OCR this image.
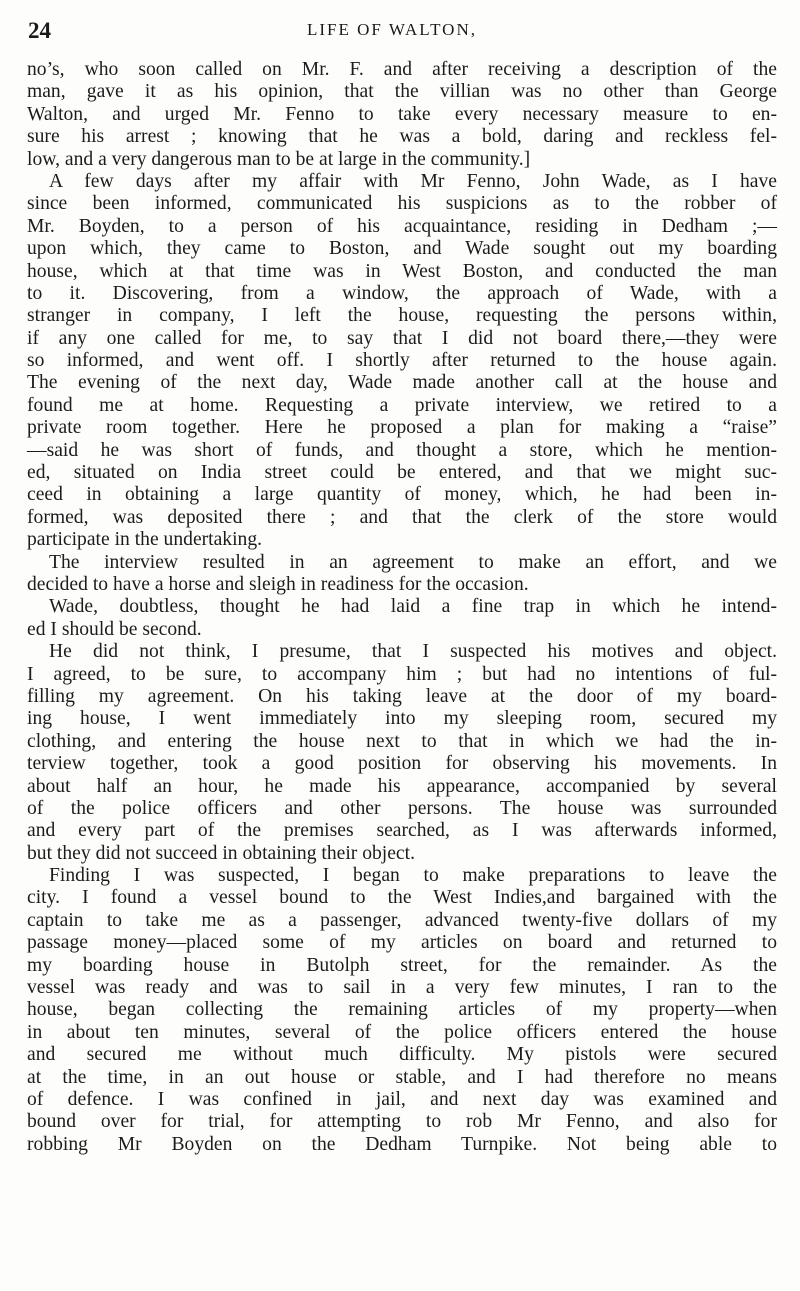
24	LIFE OF WALTON,
no’s, who soon called on Mr. F. and after receiving a description of the
man, gave it as his opinion, that the villian was no other than George
Walton, and urged Mr. Fenno to take every necessary measure to en-
sure his arrest ; knowing that he was a bold, daring and reckless fel-
low, and a very dangerous man to be at large in the community.]
A few days after my affair with Mr Fenno, John Wade, as I have
since been informed, communicated his suspicions as to the robber of
Mr. Boyden, to a person of his acquaintance, residing in Dedham ;—
upon which, they came to Boston, and Wade sought out my boarding
house, which at that time was in West Boston, and conducted the man
to it. Discovering, from a window, the approach of Wade, with a
stranger in company, I left the house, requesting the persons within,
if any one called for me, to say that I did not board there,—they were
so informed, and went off. I shortly after returned to the house again.
The evening of the next day, Wade made another call at the house and
found me at home. Requesting a private interview, we retired to a
private room together. Here he proposed a plan for making a “raise”
—said he was short of funds, and thought a store, which he mention-
ed, situated on India street could be entered, and that we might suc-
ceed in obtaining a large quantity of money, which, he had been in-
formed, was deposited there ; and that the clerk of the store would
participate in the undertaking.
The interview resulted in an agreement to make an effort, and we
decided to have a horse and sleigh in readiness for the occasion.
Wade, doubtless, thought he had laid a fine trap in which he intend-
ed I should be second.
He did not think, I presume, that I suspected his motives and object.
I agreed, to be sure, to accompany him ; but had no intentions of ful-
filling my agreement. On his taking leave at the door of my board-
ing house, I went immediately into my sleeping room, secured my
clothing, and entering the house next to that in which we had the in-
terview together, took a good position for observing his movements. In
about half an hour, he made his appearance, accompanied by several
of the police officers and other persons. The house was surrounded
and every part of the premises searched, as I was afterwards informed,
but they did not succeed in obtaining their object.
Finding I was suspected, I began to make preparations to leave the
city. I found a vessel bound to the West Indies,and bargained with the
captain to take me as a passenger, advanced twenty-five dollars of my
passage money—placed some of my articles on board and returned to
my boarding house in Butolph street, for the remainder. As the
vessel was ready and was to sail in a very few minutes, I ran to the
house, began collecting the remaining articles of my property—when
in about ten minutes, several of the police officers entered the house
and secured me without much difficulty. My pistols were secured
at the time, in an out house or stable, and I had therefore no means
of defence. I was confined in jail, and next day was examined and
bound over for trial, for attempting to rob Mr Fenno, and also for
robbing Mr Boyden on the Dedham Turnpike. Not being able to
